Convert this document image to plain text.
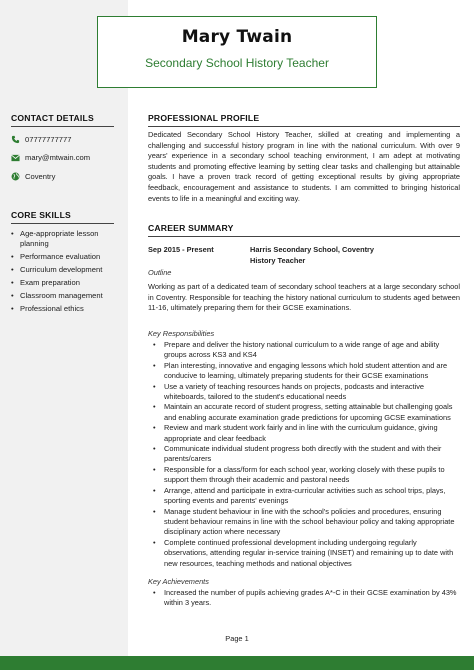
Mary Twain
Secondary School History Teacher
CONTACT DETAILS
07777777777
mary@mtwain.com
Coventry
CORE SKILLS
• Age-appropriate lesson planning
• Performance evaluation
• Curriculum development
• Exam preparation
• Classroom management
• Professional ethics
PROFESSIONAL PROFILE

Dedicated Secondary School History Teacher, skilled at creating and implementing a challenging and successful history program in line with the national curriculum. With over 9 years' experience in a secondary school teaching environment, I am adept at motivating students and promoting effective learning by setting clear tasks and challenging but attainable goals. I have a proven track record of getting exceptional results by giving appropriate feedback, encouragement and assistance to students. I am committed to bringing historical events to life in a meaningful and exciting way.

CAREER SUMMARY
Sep 2015 - Present	Harris Secondary School, Coventry
History Teacher
Outline

Working as part of a dedicated team of secondary school teachers at a large secondary school in Coventry. Responsible for teaching the history national curriculum to students aged between 11-16, ultimately preparing them for their GCSE examinations.

Key Responsibilities
• Prepare and deliver the history national curriculum to a wide range of age and ability groups across KS3 and KS4
• Plan interesting, innovative and engaging lessons which hold student attention and are conducive to learning, ultimately preparing students for their GCSE examinations
• Use a variety of teaching resources hands on projects, podcasts and interactive whiteboards, tailored to the student's educational needs
• Maintain an accurate record of student progress, setting attainable but challenging goals and enabling accurate examination grade predictions for upcoming GCSE examinations
• Review and mark student work fairly and in line with the curriculum guidance, giving appropriate and clear feedback
• Communicate individual student progress both directly with the student and with their parents/carers
• Responsible for a class/form for each school year, working closely with these pupils to support them through their academic and pastoral needs
• Arrange, attend and participate in extra-curricular activities such as school trips, plays, sporting events and parents' evenings
• Manage student behaviour in line with the school's policies and procedures, ensuring student behaviour remains in line with the school behaviour policy and taking appropriate disciplinary action where necessary
• Complete continued professional development including undergoing regularly observations, attending regular in-service training (INSET) and remaining up to date with new resources, teaching methods and national objectives
Key Achievements
• Increased the number of pupils achieving grades A*-C in their GCSE examination by 43% within 3 years.
Page 1
